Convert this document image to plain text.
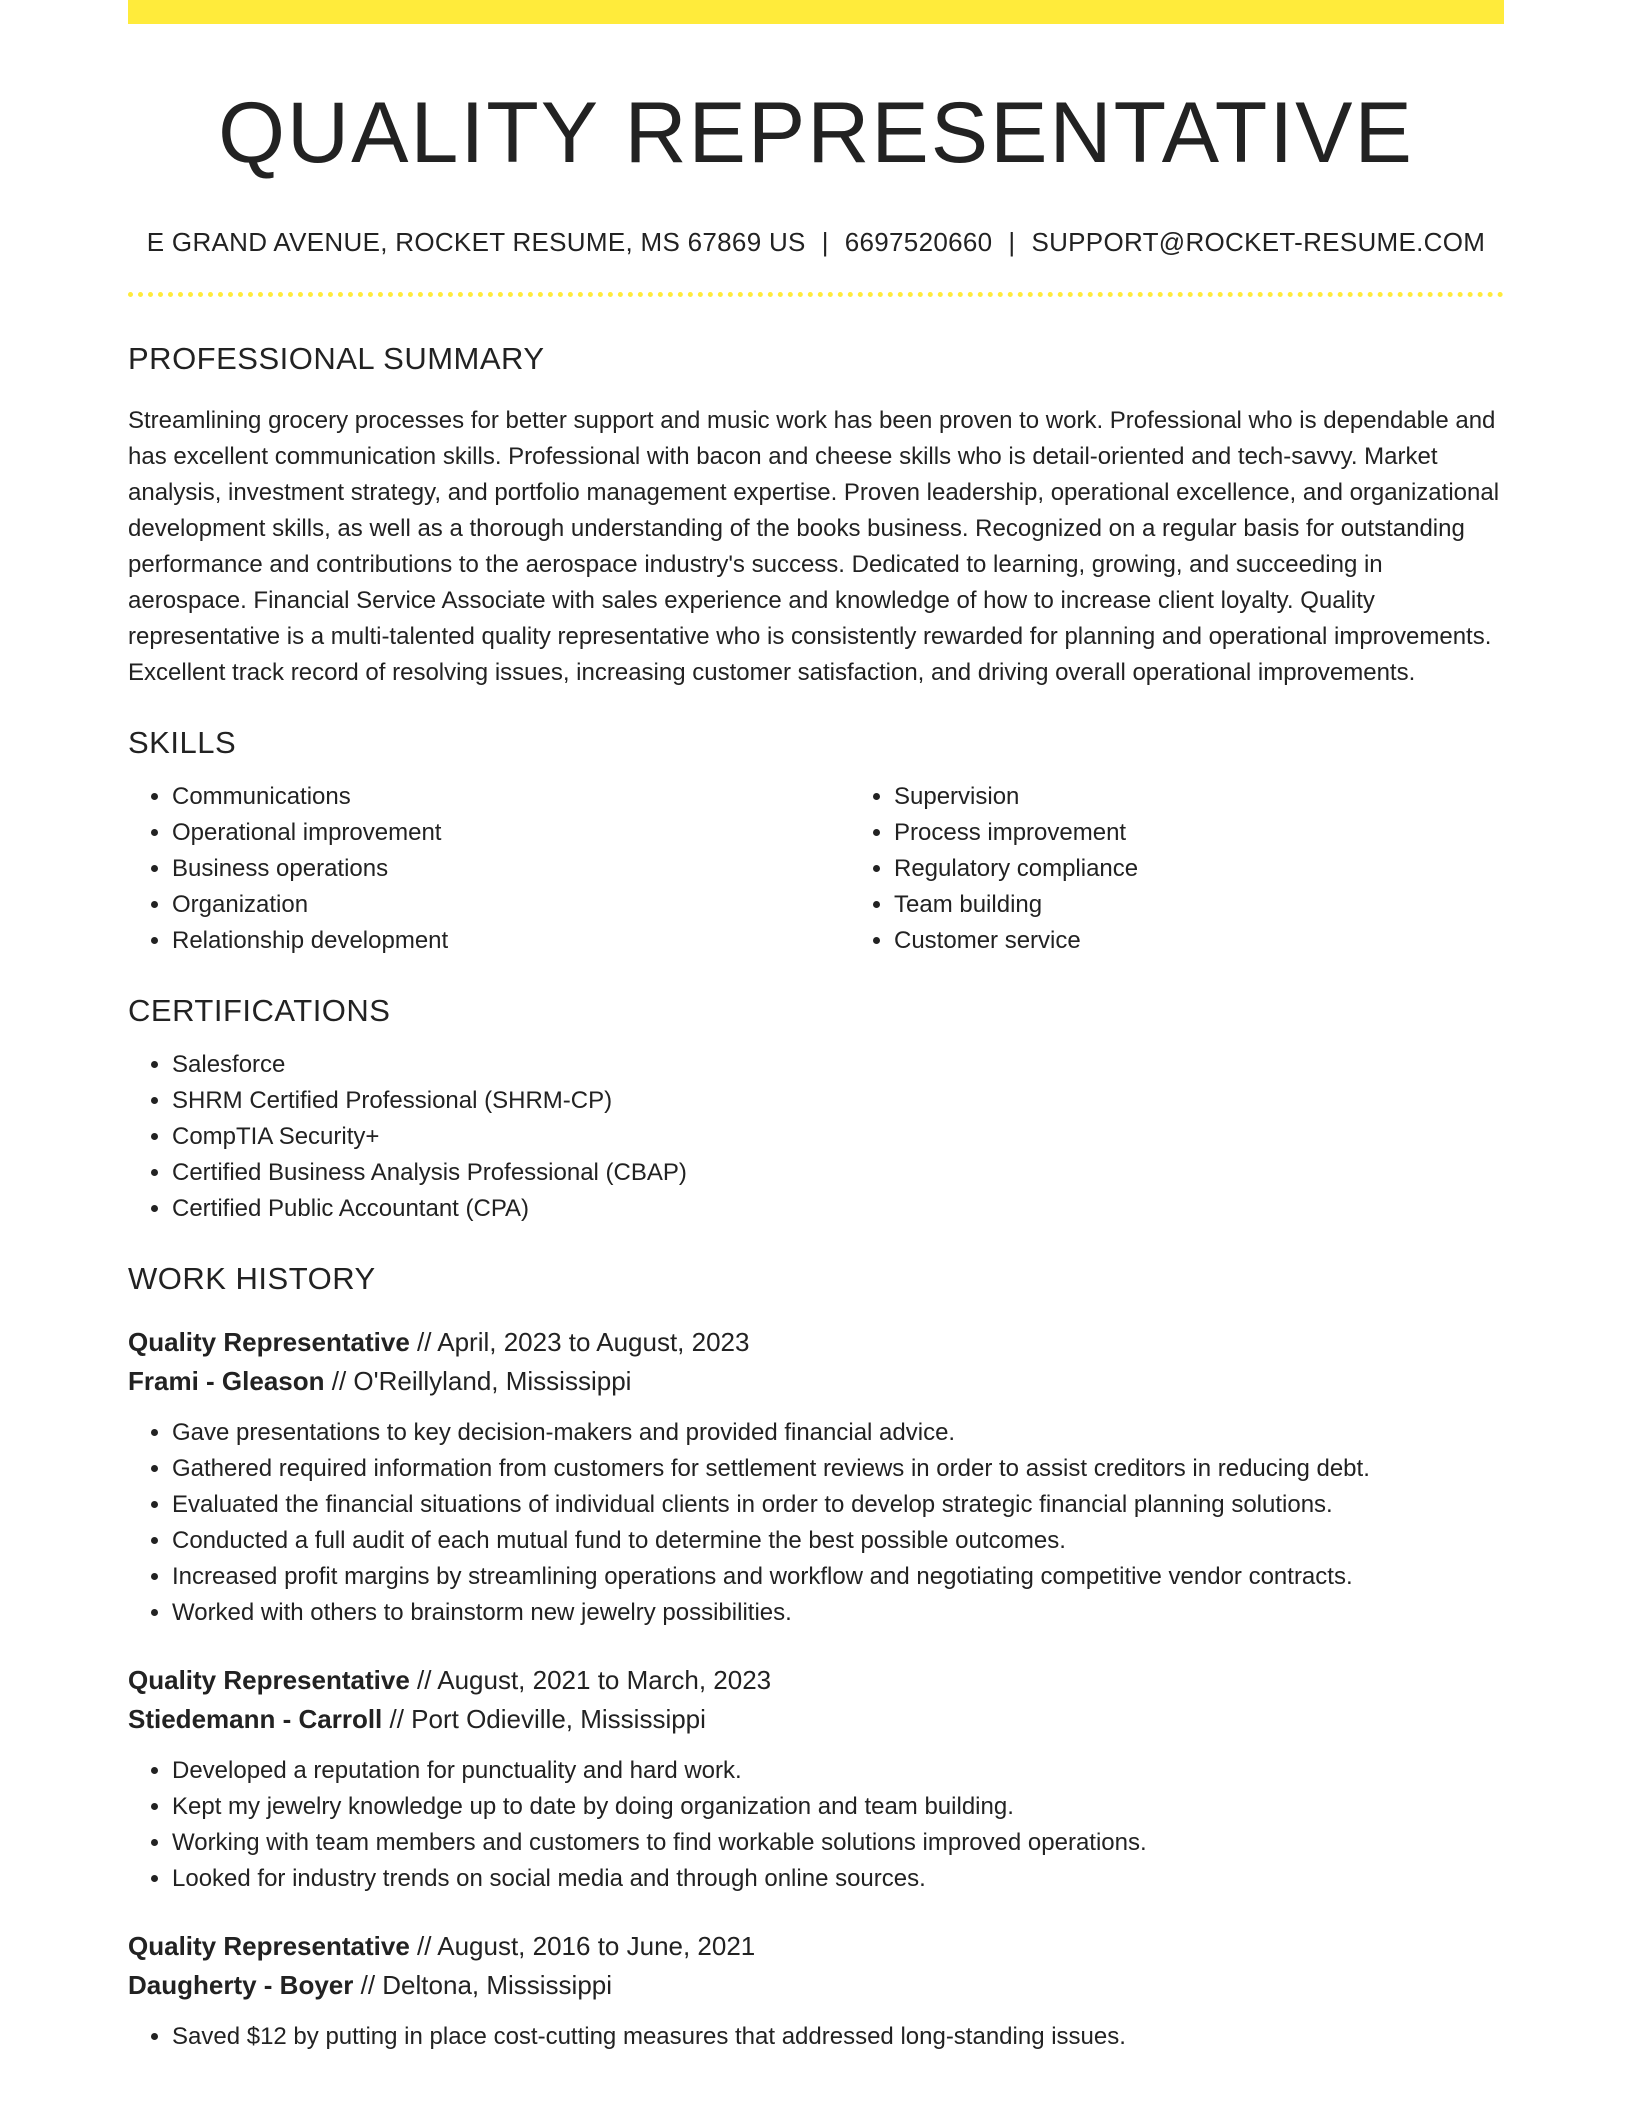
QUALITY REPRESENTATIVE
E GRAND AVENUE, ROCKET RESUME, MS 67869 US | 6697520660 | SUPPORT@ROCKET-RESUME.COM
PROFESSIONAL SUMMARY
Streamlining grocery processes for better support and music work has been proven to work. Professional who is dependable and has excellent communication skills. Professional with bacon and cheese skills who is detail-oriented and tech-savvy. Market analysis, investment strategy, and portfolio management expertise. Proven leadership, operational excellence, and organizational development skills, as well as a thorough understanding of the books business. Recognized on a regular basis for outstanding performance and contributions to the aerospace industry's success. Dedicated to learning, growing, and succeeding in aerospace. Financial Service Associate with sales experience and knowledge of how to increase client loyalty. Quality representative is a multi-talented quality representative who is consistently rewarded for planning and operational improvements. Excellent track record of resolving issues, increasing customer satisfaction, and driving overall operational improvements.
SKILLS
• Communications
• Operational improvement
• Business operations
• Organization
• Relationship development
• Supervision
• Process improvement
• Regulatory compliance
• Team building
• Customer service
CERTIFICATIONS
• Salesforce
• SHRM Certified Professional (SHRM-CP)
• CompTIA Security+
• Certified Business Analysis Professional (CBAP)
• Certified Public Accountant (CPA)
WORK HISTORY
Quality Representative // April, 2023 to August, 2023
Frami - Gleason // O'Reillyland, Mississippi
• Gave presentations to key decision-makers and provided financial advice.
• Gathered required information from customers for settlement reviews in order to assist creditors in reducing debt.
• Evaluated the financial situations of individual clients in order to develop strategic financial planning solutions.
• Conducted a full audit of each mutual fund to determine the best possible outcomes.
• Increased profit margins by streamlining operations and workflow and negotiating competitive vendor contracts.
• Worked with others to brainstorm new jewelry possibilities.
Quality Representative // August, 2021 to March, 2023
Stiedemann - Carroll // Port Odieville, Mississippi
• Developed a reputation for punctuality and hard work.
• Kept my jewelry knowledge up to date by doing organization and team building.
• Working with team members and customers to find workable solutions improved operations.
• Looked for industry trends on social media and through online sources.
Quality Representative // August, 2016 to June, 2021
Daugherty - Boyer // Deltona, Mississippi
• Saved $12 by putting in place cost-cutting measures that addressed long-standing issues.
